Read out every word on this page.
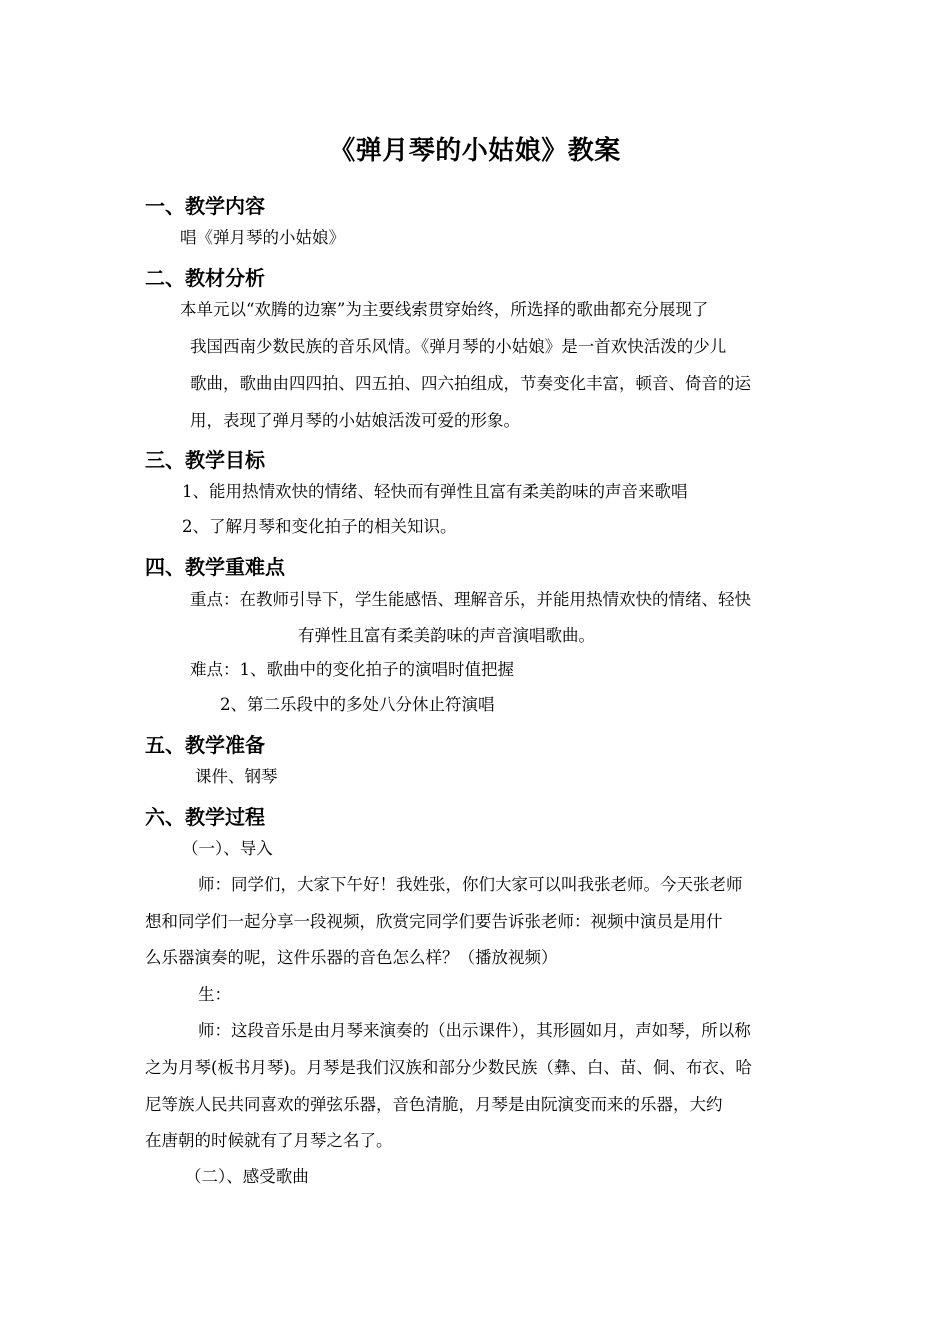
《弹月琴的小姑娘》教案
一、教学内容
唱《弹月琴的小姑娘》
二、教材分析
本单元以“欢腾的边寨”为主要线索贯穿始终，所选择的歌曲都充分展现了
我国西南少数民族的音乐风情。《弹月琴的小姑娘》是一首欢快活泼的少儿
歌曲，歌曲由四四拍、四五拍、四六拍组成，节奏变化丰富，顿音、倚音的运
用，表现了弹月琴的小姑娘活泼可爱的形象。
三、教学目标
1、能用热情欢快的情绪、轻快而有弹性且富有柔美韵味的声音来歌唱
2、了解月琴和变化拍子的相关知识。
四、教学重难点
重点：在教师引导下，学生能感悟、理解音乐，并能用热情欢快的情绪、轻快
有弹性且富有柔美韵味的声音演唱歌曲。
难点：1、歌曲中的变化拍子的演唱时值把握
2、第二乐段中的多处八分休止符演唱
五、教学准备
课件、钢琴
六、教学过程
（一）、导入
师：同学们，大家下午好！我姓张，你们大家可以叫我张老师。今天张老师
想和同学们一起分享一段视频，欣赏完同学们要告诉张老师：视频中演员是用什
么乐器演奏的呢，这件乐器的音色怎么样？（播放视频）
生：
师：这段音乐是由月琴来演奏的（出示课件），其形圆如月，声如琴，所以称
之为月琴(板书月琴)。月琴是我们汉族和部分少数民族（彝、白、苗、侗、布衣、哈
尼等族人民共同喜欢的弹弦乐器，音色清脆，月琴是由阮演变而来的乐器，大约
在唐朝的时候就有了月琴之名了。
（二）、感受歌曲
